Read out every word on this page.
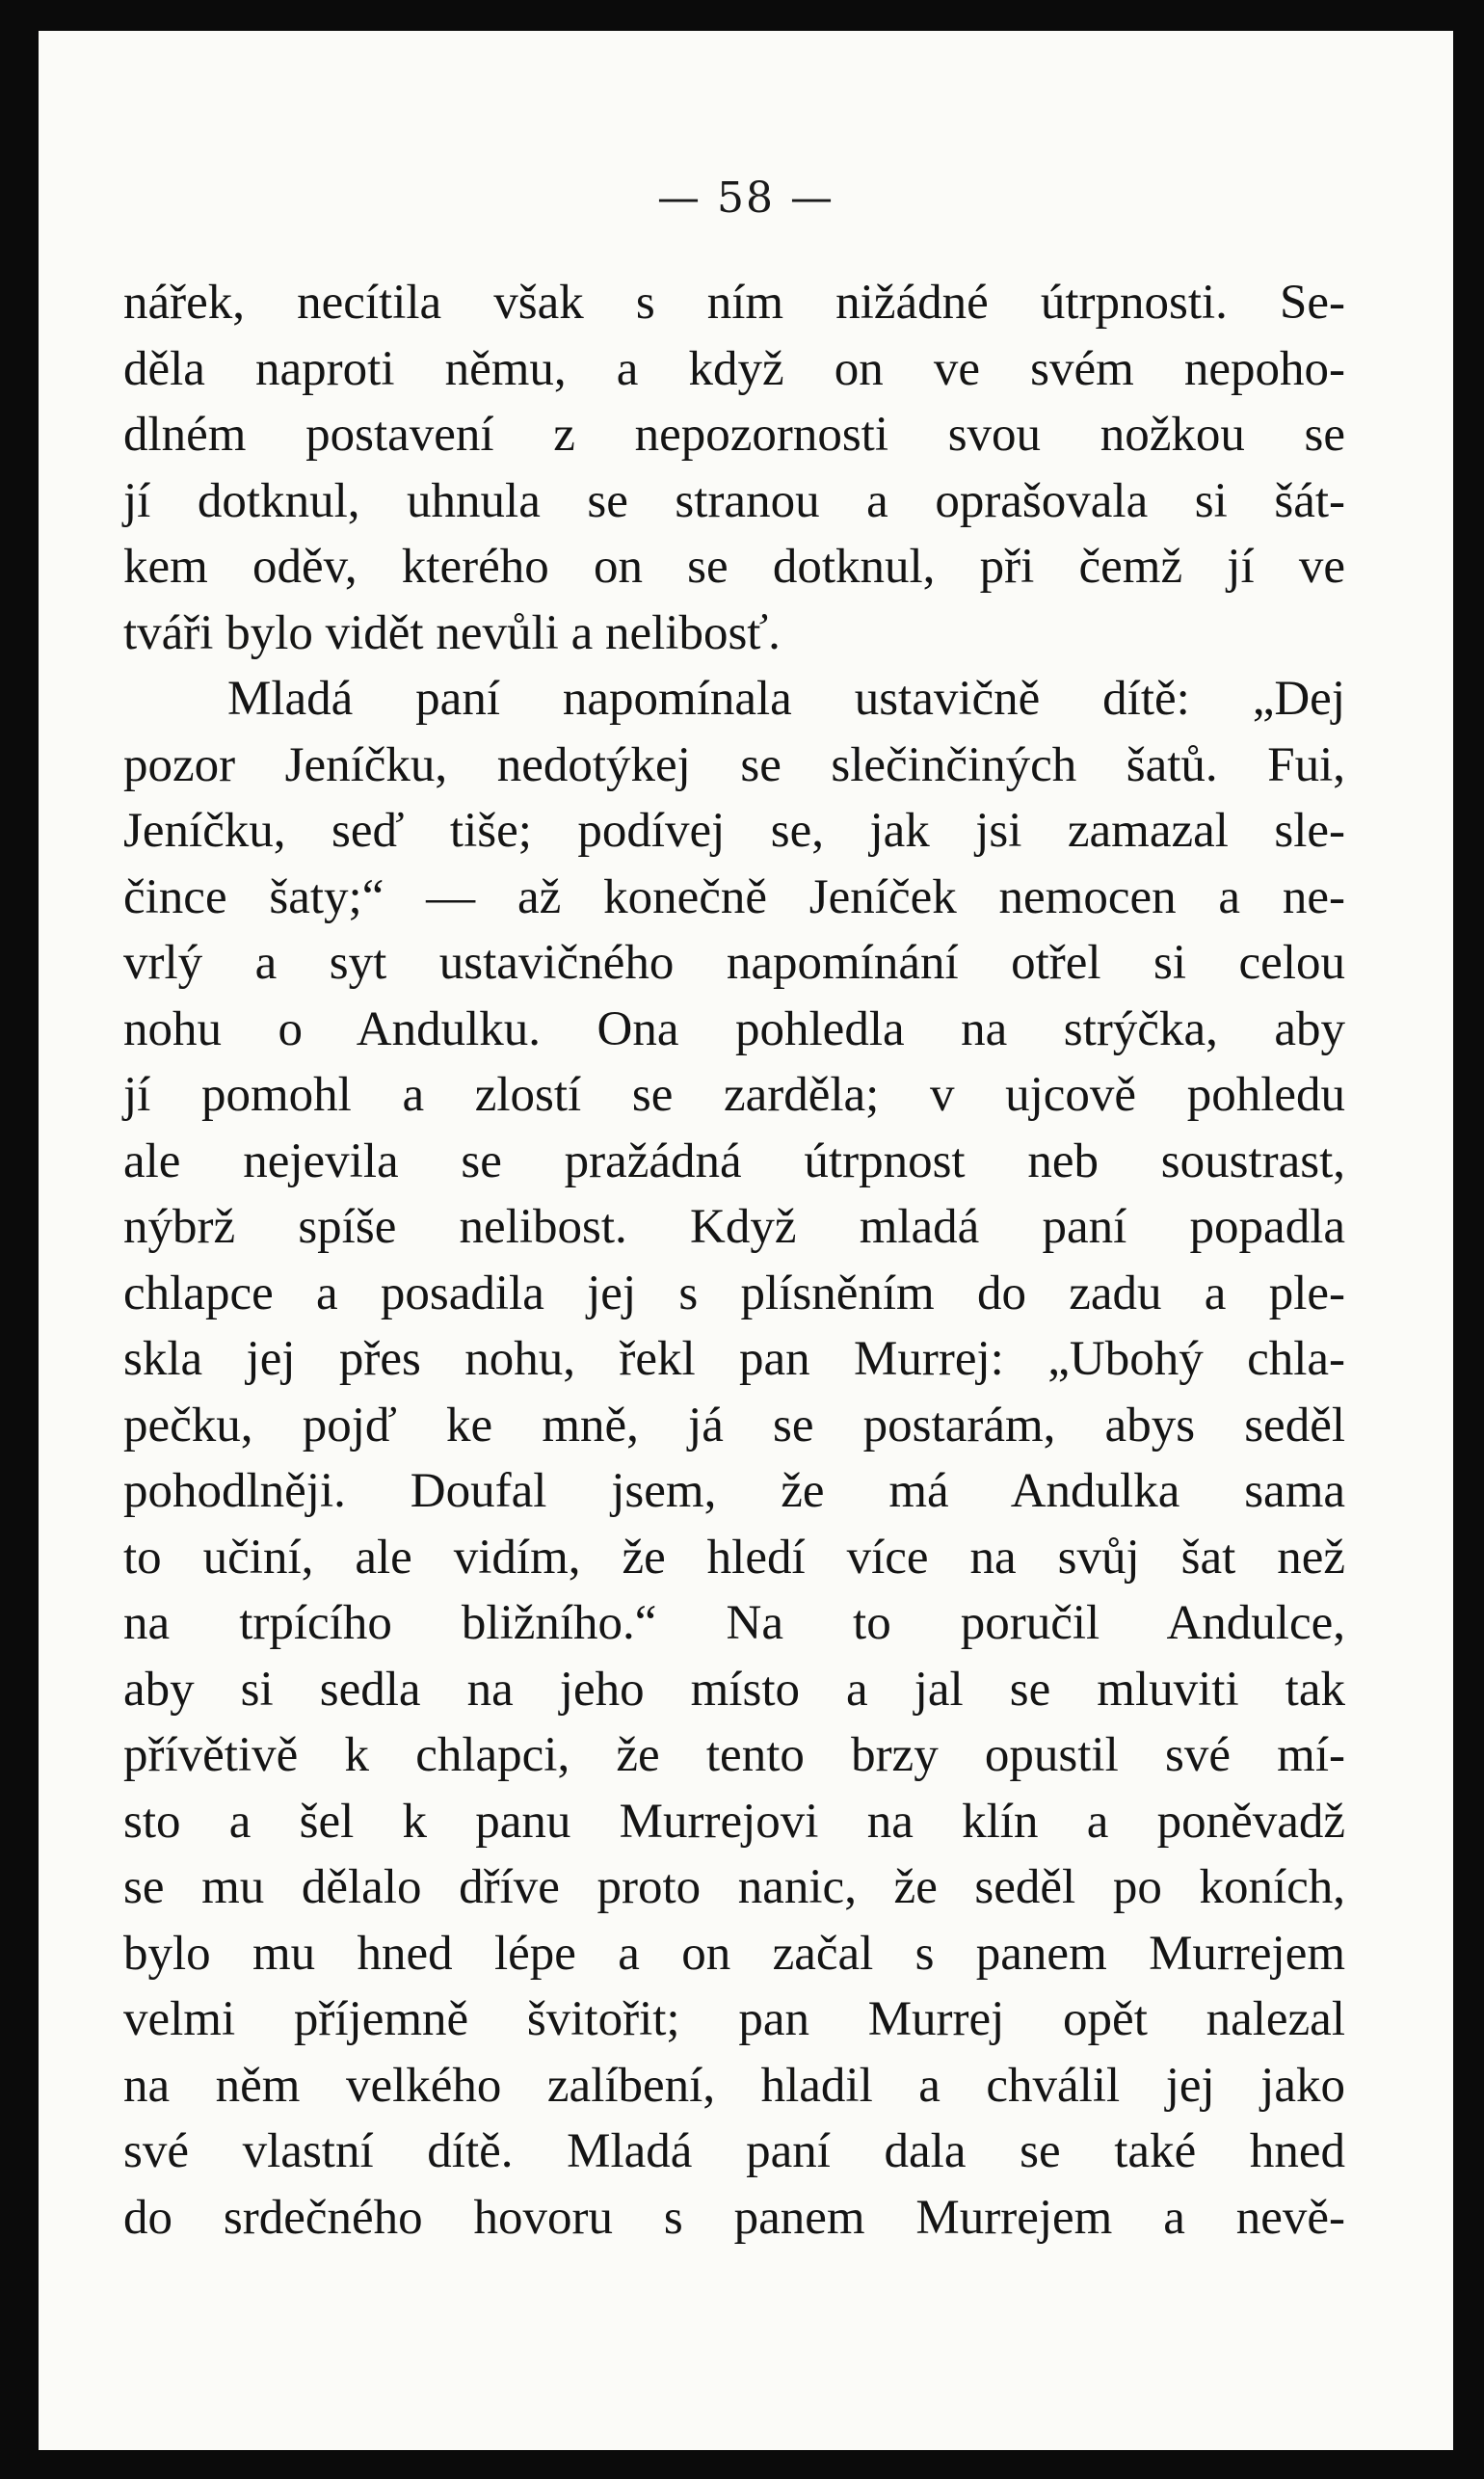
— 58 —
nářek, necítila však s ním nižádné útrpnosti. Se-
děla naproti němu, a když on ve svém nepoho-
dlném postavení z nepozornosti svou nožkou se
jí dotknul, uhnula se stranou a oprašovala si šát-
kem oděv, kterého on se dotknul, při čemž jí ve
tváři bylo vidět nevůli a nelibosť.
Mladá paní napomínala ustavičně dítě: „Dej
pozor Jeníčku, nedotýkej se slečinčiných šatů. Fui,
Jeníčku, seď tiše; podívej se, jak jsi zamazal sle-
čince šaty;“ — až konečně Jeníček nemocen a ne-
vrlý a syt ustavičného napomínání otřel si celou
nohu o Andulku. Ona pohledla na strýčka, aby
jí pomohl a zlostí se zarděla; v ujcově pohledu
ale nejevila se pražádná útrpnost neb soustrast,
nýbrž spíše nelibost. Když mladá paní popadla
chlapce a posadila jej s plísněním do zadu a ple-
skla jej přes nohu, řekl pan Murrej: „Ubohý chla-
pečku, pojď ke mně, já se postarám, abys seděl
pohodlněji. Doufal jsem, že má Andulka sama
to učiní, ale vidím, že hledí více na svůj šat než
na trpícího bližního.“ Na to poručil Andulce,
aby si sedla na jeho místo a jal se mluviti tak
přívětivě k chlapci, že tento brzy opustil své mí-
sto a šel k panu Murrejovi na klín a poněvadž
se mu dělalo dříve proto nanic, že seděl po koních,
bylo mu hned lépe a on začal s panem Murrejem
velmi příjemně švitořit; pan Murrej opět nalezal
na něm velkého zalíbení, hladil a chválil jej jako
své vlastní dítě. Mladá paní dala se také hned
do srdečného hovoru s panem Murrejem a nevě-
